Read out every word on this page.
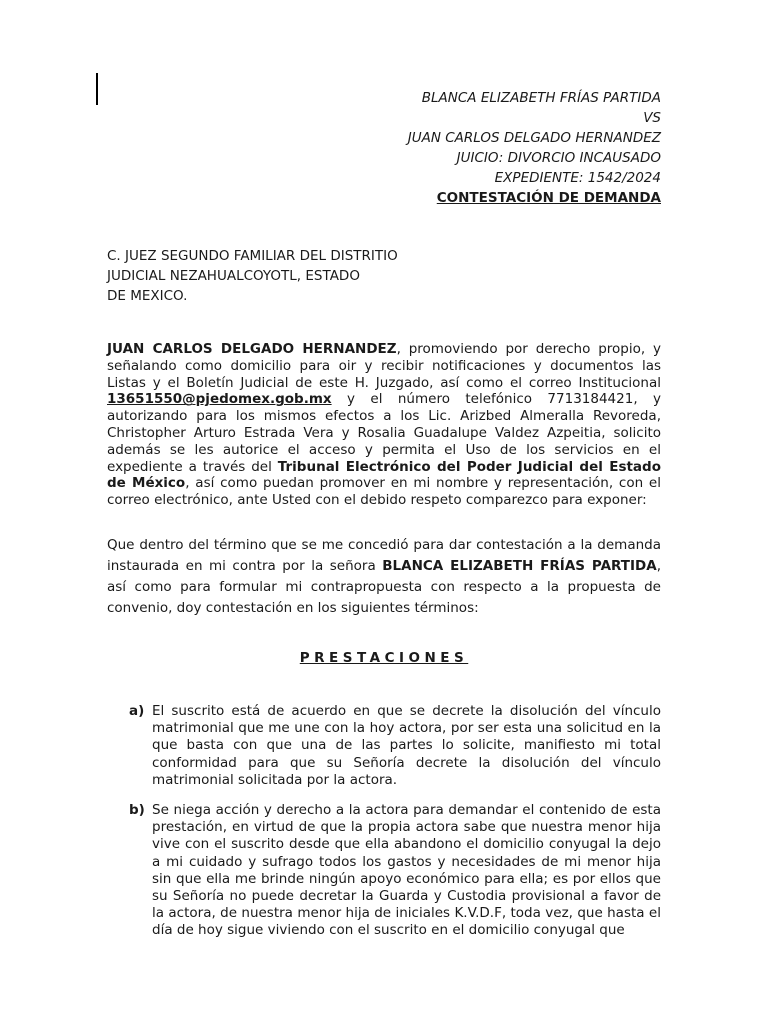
BLANCA ELIZABETH FRÍAS PARTIDA
VS
JUAN CARLOS DELGADO HERNANDEZ
JUICIO: DIVORCIO INCAUSADO
EXPEDIENTE: 1542/2024
CONTESTACIÓN DE DEMANDA
C. JUEZ SEGUNDO FAMILIAR DEL DISTRITIO
JUDICIAL NEZAHUALCOYOTL, ESTADO
DE MEXICO.
JUAN CARLOS DELGADO HERNANDEZ, promoviendo por derecho propio, y señalando como domicilio para oir y recibir notificaciones y documentos las Listas y el Boletín Judicial de este H. Juzgado, así como el correo Institucional 13651550@pjedomex.gob.mx y el número telefónico 7713184421, y autorizando para los mismos efectos a los Lic. Arizbed Almeralla Revoreda, Christopher Arturo Estrada Vera y Rosalia Guadalupe Valdez Azpeitia, solicito además se les autorice el acceso y permita el Uso de los servicios en el expediente a través del Tribunal Electrónico del Poder Judicial del Estado de México, así como puedan promover en mi nombre y representación, con el correo electrónico, ante Usted con el debido respeto comparezco para exponer:
Que dentro del término que se me concedió para dar contestación a la demanda instaurada en mi contra por la señora BLANCA ELIZABETH FRÍAS PARTIDA, así como para formular mi contrapropuesta con respecto a la propuesta de convenio, doy contestación en los siguientes términos:
PRESTACIONES
a) El suscrito está de acuerdo en que se decrete la disolución del vínculo matrimonial que me une con la hoy actora, por ser esta una solicitud en la que basta con que una de las partes lo solicite, manifiesto mi total conformidad para que su Señoría decrete la disolución del vínculo matrimonial solicitada por la actora.
b) Se niega acción y derecho a la actora para demandar el contenido de esta prestación, en virtud de que la propia actora sabe que nuestra menor hija vive con el suscrito desde que ella abandono el domicilio conyugal la dejo a mi cuidado y sufrago todos los gastos y necesidades de mi menor hija sin que ella me brinde ningún apoyo económico para ella; es por ellos que su Señoría no puede decretar la Guarda y Custodia provisional a favor de la actora, de nuestra menor hija de iniciales K.V.D.F, toda vez, que hasta el día de hoy sigue viviendo con el suscrito en el domicilio conyugal que
